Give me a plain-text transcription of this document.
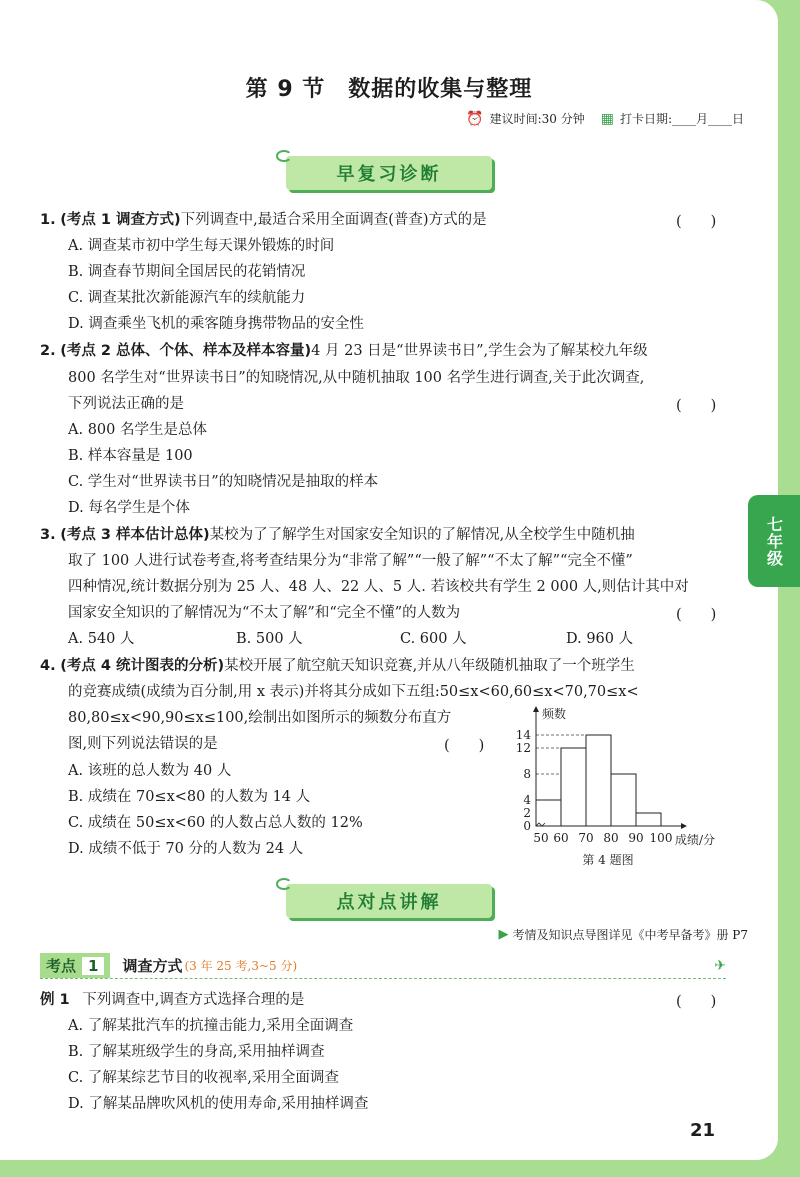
七年级
第 9 节　数据的收集与整理
⏰ 建议时间:30 分钟 ▦ 打卡日期:____月____日
早复习诊断
1. (考点 1 调查方式)下列调查中,最适合采用全面调查(普查)方式的是	(　　)
A. 调查某市初中学生每天课外锻炼的时间
B. 调查春节期间全国居民的花销情况
C. 调查某批次新能源汽车的续航能力
D. 调查乘坐飞机的乘客随身携带物品的安全性
2. (考点 2 总体、个体、样本及样本容量)4 月 23 日是“世界读书日”,学生会为了解某校九年级
800 名学生对“世界读书日”的知晓情况,从中随机抽取 100 名学生进行调查,关于此次调查,
下列说法正确的是	(　　)
A. 800 名学生是总体
B. 样本容量是 100
C. 学生对“世界读书日”的知晓情况是抽取的样本
D. 每名学生是个体
3. (考点 3 样本估计总体)某校为了了解学生对国家安全知识的了解情况,从全校学生中随机抽
取了 100 人进行试卷考查,将考查结果分为“非常了解”“一般了解”“不太了解”“完全不懂”
四种情况,统计数据分别为 25 人、48 人、22 人、5 人. 若该校共有学生 2 000 人,则估计其中对
国家安全知识的了解情况为“不太了解”和“完全不懂”的人数为	(　　)
A. 540 人	B. 500 人	C. 600 人	D. 960 人
4. (考点 4 统计图表的分析)某校开展了航空航天知识竞赛,并从八年级随机抽取了一个班学生
的竞赛成绩(成绩为百分制,用 x 表示)并将其分成如下五组:50≤x<60,60≤x<70,70≤x<
80,80≤x<90,90≤x≤100,绘制出如图所示的频数分布直方
图,则下列说法错误的是	(　　)
A. 该班的总人数为 40 人
B. 成绩在 70≤x<80 的人数为 14 人
C. 成绩在 50≤x<60 的人数占总人数的 12%
D. 成绩不低于 70 分的人数为 24 人
0
2
4
8
12
14
50 60 70 80 90 100
频数
成绩/分
第 4 题图
点对点讲解
▶ 考情及知识点导图详见《中考早备考》册 P7
考点 1	调查方式 (3 年 25 考,3~5 分)	✈
例 1 下列调查中,调查方式选择合理的是	(　　)
A. 了解某批汽车的抗撞击能力,采用全面调查
B. 了解某班级学生的身高,采用抽样调查
C. 了解某综艺节目的收视率,采用全面调查
D. 了解某品牌吹风机的使用寿命,采用抽样调查
21
